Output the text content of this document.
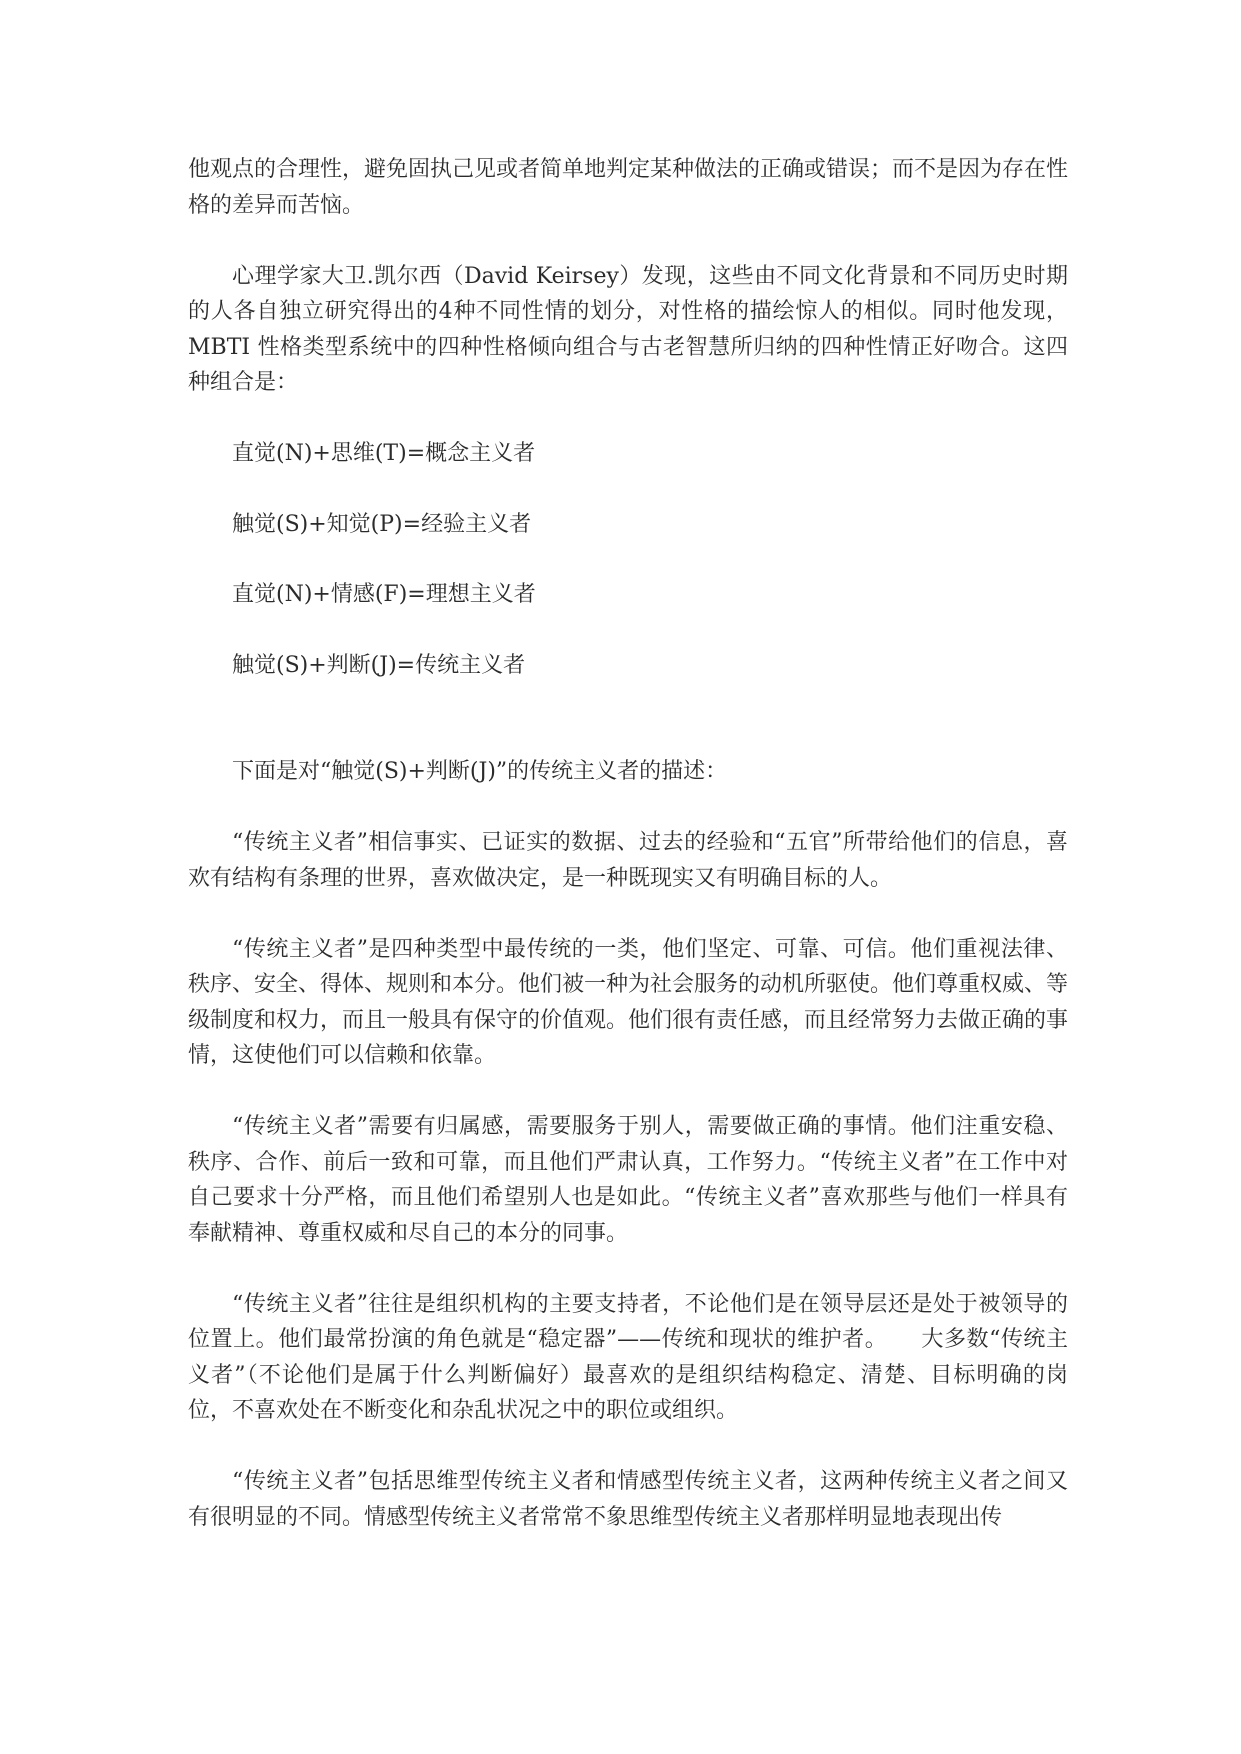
他观点的合理性，避免固执己见或者简单地判定某种做法的正确或错误；而不是因为存在性格的差异而苦恼。

心理学家大卫.凯尔西（David Keirsey）发现，这些由不同文化背景和不同历史时期的人各自独立研究得出的4种不同性情的划分，对性格的描绘惊人的相似。同时他发现，MBTI 性格类型系统中的四种性格倾向组合与古老智慧所归纳的四种性情正好吻合。这四种组合是：

直觉(N)+思维(T)=概念主义者
触觉(S)+知觉(P)=经验主义者
直觉(N)+情感(F)=理想主义者
触觉(S)+判断(J)=传统主义者

下面是对“触觉(S)+判断(J)”的传统主义者的描述：

“传统主义者”相信事实、已证实的数据、过去的经验和“五官”所带给他们的信息，喜欢有结构有条理的世界，喜欢做决定，是一种既现实又有明确目标的人。

“传统主义者”是四种类型中最传统的一类，他们坚定、可靠、可信。他们重视法律、秩序、安全、得体、规则和本分。他们被一种为社会服务的动机所驱使。他们尊重权威、等级制度和权力，而且一般具有保守的价值观。他们很有责任感，而且经常努力去做正确的事情，这使他们可以信赖和依靠。

“传统主义者”需要有归属感，需要服务于别人，需要做正确的事情。他们注重安稳、秩序、合作、前后一致和可靠，而且他们严肃认真，工作努力。“传统主义者”在工作中对自己要求十分严格，而且他们希望别人也是如此。“传统主义者”喜欢那些与他们一样具有奉献精神、尊重权威和尽自己的本分的同事。

“传统主义者”往往是组织机构的主要支持者，不论他们是在领导层还是处于被领导的位置上。他们最常扮演的角色就是“稳定器”——传统和现状的维护者。　　大多数“传统主义者”（不论他们是属于什么判断偏好）最喜欢的是组织结构稳定、清楚、目标明确的岗位，不喜欢处在不断变化和杂乱状况之中的职位或组织。

“传统主义者”包括思维型传统主义者和情感型传统主义者，这两种传统主义者之间又有很明显的不同。情感型传统主义者常常不象思维型传统主义者那样明显地表现出传
